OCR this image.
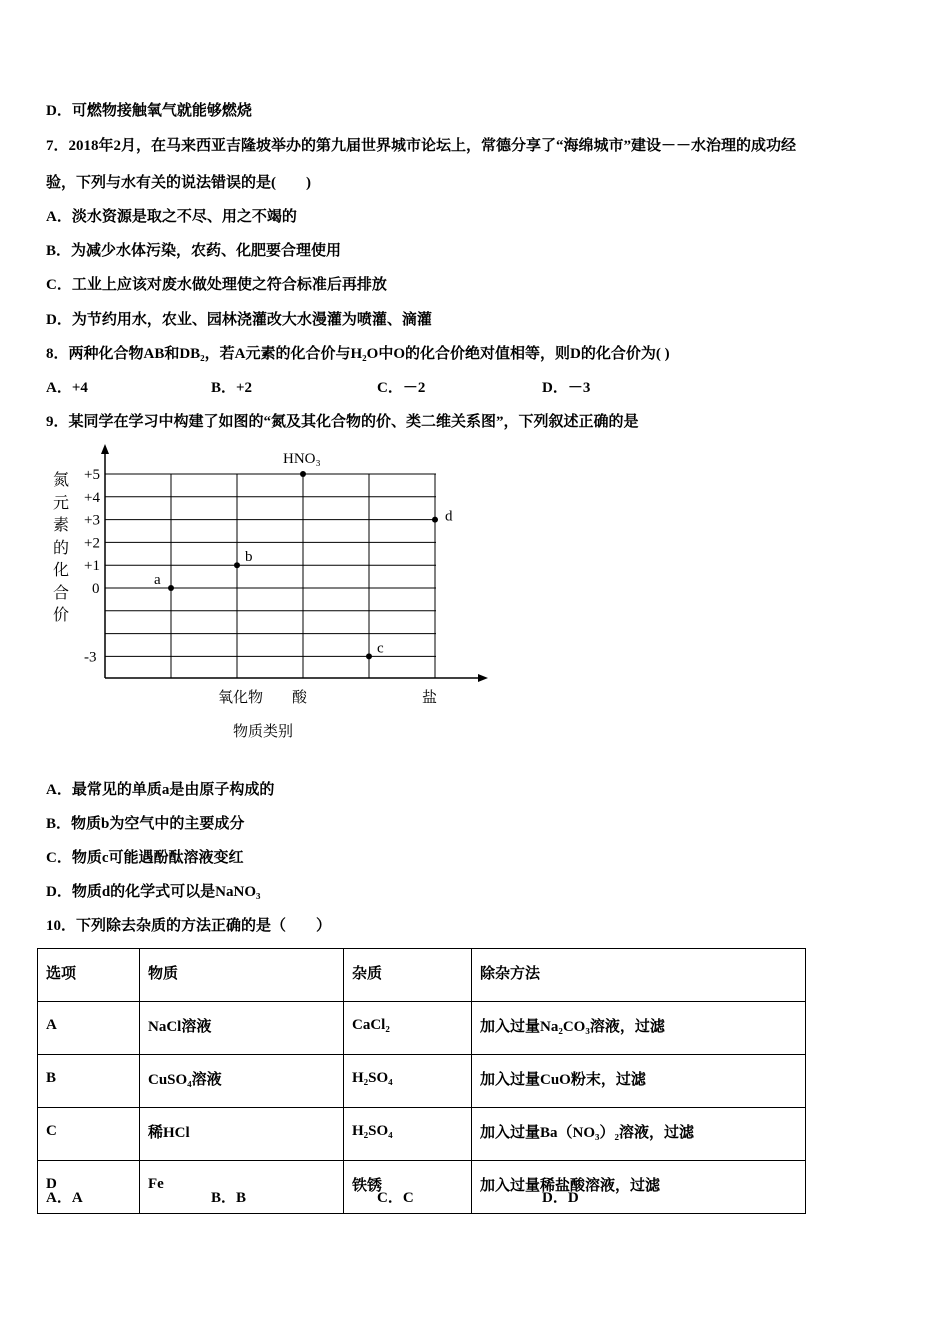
D．可燃物接触氧气就能够燃烧
7．2018年2月，在马来西亚吉隆坡举办的第九届世界城市论坛上，常德分享了“海绵城市”建设－－水治理的成功经
验，下列与水有关的说法错误的是(　　)
A．淡水资源是取之不尽、用之不竭的
B．为减少水体污染，农药、化肥要合理使用
C．工业上应该对废水做处理使之符合标准后再排放
D．为节约用水，农业、园林浇灌改大水漫灌为喷灌、滴灌
8．两种化合物AB和DB₂，若A元素的化合价与H₂O中O的化合价绝对值相等，则D的化合价为( )
A．+4	B．+2	C．－2	D．－3
9．某同学在学习中构建了如图的“氮及其化合物的价、类二维关系图”，下列叙述正确的是
氮元素的化合价
+5
+4
+3
+2
+1
0
-3
a
b
HNO₃
c
d
氧化物 酸	盐
物质类别
A．最常见的单质a是由原子构成的
B．物质b为空气中的主要成分
C．物质c可能遇酚酞溶液变红
D．物质d的化学式可以是NaNO₃
10．下列除去杂质的方法正确的是（　　）
选项	物质	杂质	除杂方法
A	NaCl溶液	CaCl₂	加入过量Na₂CO₃溶液，过滤
B	CuSO₄溶液	H₂SO₄	加入过量CuO粉末，过滤
C	稀HCl	H₂SO₄	加入过量Ba（NO₃）₂溶液，过滤
D	Fe	铁锈	加入过量稀盐酸溶液，过滤
A．A	B．B	C．C	D．D
